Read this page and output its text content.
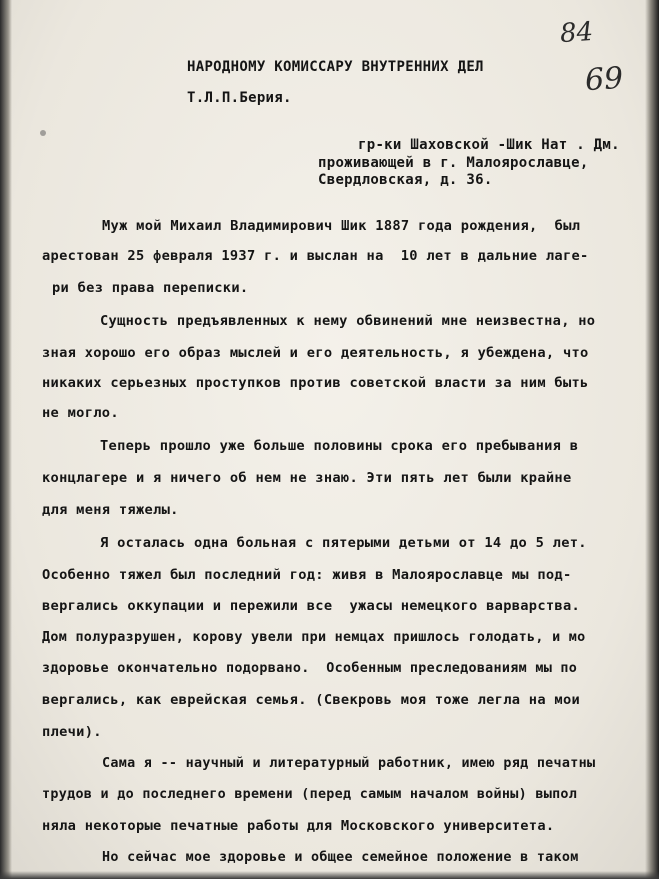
84
69
НАРОДНОМУ КОМИССАРУ ВНУТРЕННИХ ДЕЛ
Т.Л.П.Берия.
гр-ки Шаховской -Шик Нат . Дм.
проживающей в г. Малоярославце,
Свердловская, д. 36.
Муж мой Михаил Владимирович Шик 1887 года рождения,  был
арестован 25 февраля 1937 г. и выслан на  10 лет в дальние лаге-
ри без права переписки.
Сущность предъявленных к нему обвинений мне неизвестна, но
зная хорошо его образ мыслей и его деятельность, я убеждена, что
никаких серьезных проступков против советской власти за ним быть
не могло.
Теперь прошло уже больше половины срока его пребывания в
концлагере и я ничего об нем не знаю. Эти пять лет были крайне
для меня тяжелы.
Я осталась одна больная с пятерыми детьми от 14 до 5 лет.
Особенно тяжел был последний год: живя в Малоярославце мы под-
вергались оккупации и пережили все  ужасы немецкого варварства.
Дом полуразрушен, корову увели при немцах пришлось голодать, и мо
здоровье окончательно подорвано.  Особенным преследованиям мы по
вергались, как еврейская семья. (Свекровь моя тоже легла на мои
плечи).
Сама я -- научный и литературный работник, имею ряд печатны
трудов и до последнего времени (перед самым началом войны) выпол
няла некоторые печатные работы для Московского университета.
Но сейчас мое здоровье и общее семейное положение в таком
